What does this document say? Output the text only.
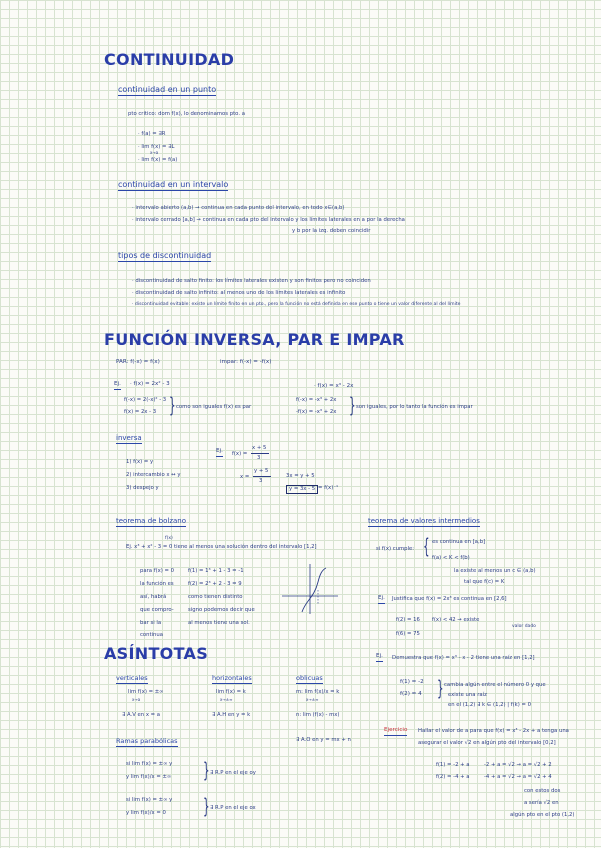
CONTINUIDAD
continuidad en un punto
pto critico: dom f(x), lo denominamos pto. a
· f(a) = ∃R
· lim f(x) = ∃L
x→a
· lim f(x) = f(a)
continuidad en un intervalo
· intervalo abierto (a,b) → continua en cada punto del intervalo, en todo x∈(a,b)
· intervalo cerrado [a,b] → continua en cada pto del intervalo y los límites laterales en a por la derecha
y b por la izq. deben coincidir
tipos de discontinuidad
· discontinuidad de salto finito: los límites laterales existen y son finitos pero no coinciden
· discontinuidad de salto infinito: al menos uno de los límites laterales es infinito
· discontinuidad evitable: existe un límite finito en un pto., pero la función no está definida en ese punto o tiene un valor diferente al del límite
FUNCIÓN INVERSA, PAR E IMPAR
PAR: f(-x) = f(x)	impar: f(-x) = -f(x)
Ej. · f(x) = 2x² - 3
f(-x) = 2(-x)² - 3
f(x) = 2x - 3 } como son iguales f(x) es par
· f(x) = x³ - 2x
f(-x) = -x³ + 2x
-f(x) = -x³ + 2x } son iguales, por lo tanto la función es impar
inversa
1) f(x) = y
2) intercambio x ↔ y
3) despejo y
Ej. f(x) =
x + 5
3
x =
y + 5
3
3x = y + 5
y = 3x - 5 = f(x)⁻¹
teorema de bolzano
f(x)
Ej. x³ + x² - 3 = 0 tiene al menos una solución dentro del intervalo [1,2]
para f(x) = 0
la función es
así, habrá
que compro-
bar si la
continua
f(1) = 1³ + 1 - 3 = -1
f(2) = 2³ + 2 - 3 = 9
como tienen distinto
signo podemos decir que
al menos tiene una sol.
teorema de valores intermedios
si f(x) cumple: { es continua en [a,b]
f(a) < K < f(b)
la existe al menos un c ∈ (a,b)
tal que f(c) = K
Ej. Justifica que f(x) = 2x³ es continua en [2,6]
f(2) = 16
f(6) = 75
f(x) < 42 → existe
valor dado
ASÍNTOTAS
verticales
lim f(x) = ±∞
x→a
∃ A.V en x = a
horizontales
lim f(x) = k
x→±∞
∃ A.H en y = k
oblicuas
m: lim f(x)/x = k
x→±∞
n: lim (f(x) - mx)
∃ A.O en y = mx + n
Ramas parabólicas
si lim f(x) = ±∞ y
y lim f(x)/x = ±∞ } ∃ R.P en el eje oy
si lim f(x) = ±∞ y
y lim f(x)/x = 0 } ∃ R.P en el eje ox
Ej. Demuestra que f(x) = x³ - x - 2 tiene una raíz en [1,2]
f(1) = -2
f(2) = 4 } cambia algún entre el número 0 y que
existe una raíz
en el (1,2) ∃ k ∈ (1,2) | f(k) = 0
Ejercicio Hallar el valor de a para que f(x) = x³ - 2x + a tenga una
asegurar el valor √2 en algún pto del intervalo [0,2]
f(1) = -2 + a
f(2) = -4 + a
-2 + a = √2 → a = √2 + 2
-4 + a = √2 → a = √2 + 4
con estos dos
a sería √2 en
algún pto en el pto (1,2)
